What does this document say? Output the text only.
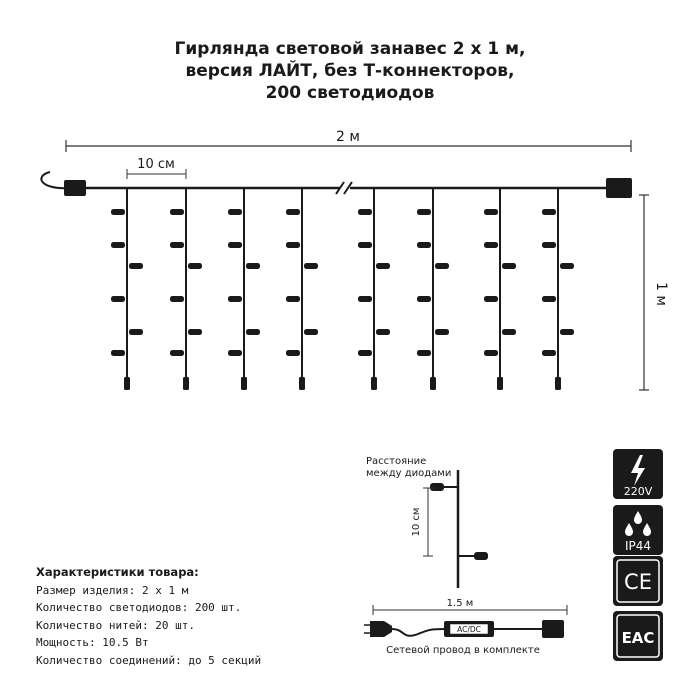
Гирлянда световой занавес 2 х 1 м,
версия ЛАЙТ, без Т-коннекторов,
200 светодиодов
2 м
10 см
1 м
Расстояние
между диодами
10 см
1.5 м
AC/DC
Сетевой провод в комплекте
Характеристики товара:
Размер изделия: 2 х 1 м
Количество светодиодов: 200 шт.
Количество нитей: 20 шт.
Мощность: 10.5 Вт
Количество соединений: до 5 секций
220V
IP44
CE
EAC
